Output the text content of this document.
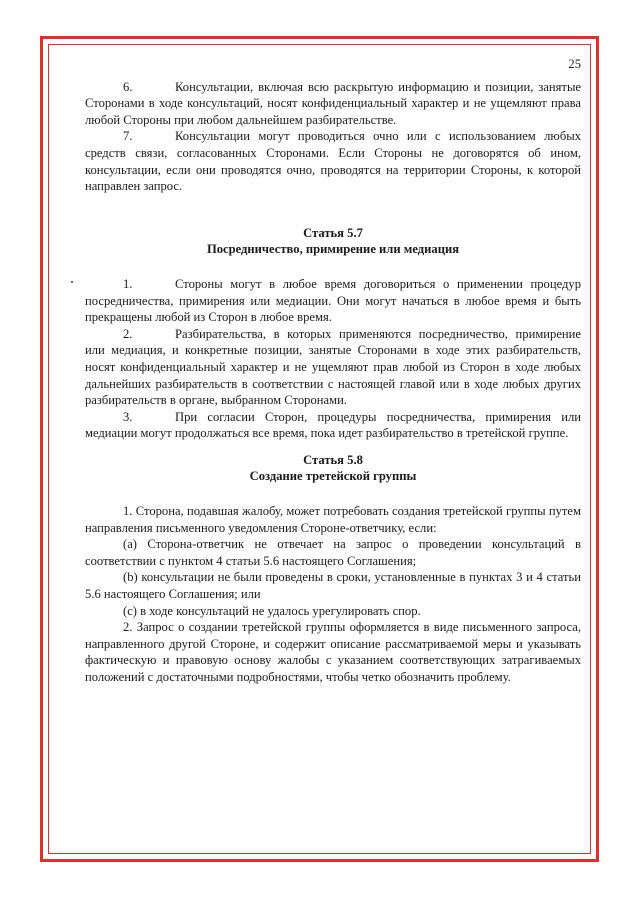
25

6.	Консультации, включая всю раскрытую информацию и позиции, занятые Сторонами в ходе консультаций, носят конфиденциальный характер и не ущемляют права любой Стороны при любом дальнейшем разбирательстве.

7.	Консультации могут проводиться очно или с использованием любых средств связи, согласованных Сторонами. Если Стороны не договорятся об ином, консультации, если они проводятся очно, проводятся на территории Стороны, к которой направлен запрос.

Статья 5.7

Посредничество, примирение или медиация

1.	Стороны могут в любое время договориться о применении процедур посредничества, примирения или медиации. Они могут начаться в любое время и быть прекращены любой из Сторон в любое время.

2.	Разбирательства, в которых применяются посредничество, примирение или медиация, и конкретные позиции, занятые Сторонами в ходе этих разбирательств, носят конфиденциальный характер и не ущемляют прав любой из Сторон в ходе любых дальнейших разбирательств в соответствии с настоящей главой или в ходе любых других разбирательств в органе, выбранном Сторонами.

3.	При согласии Сторон, процедуры посредничества, примирения или медиации могут продолжаться все время, пока идет разбирательство в третейской группе.

Статья 5.8

Создание третейской группы

1. Сторона, подавшая жалобу, может потребовать создания третейской группы путем направления письменного уведомления Стороне-ответчику, если:

(a) Сторона-ответчик не отвечает на запрос о проведении консультаций в соответствии с пунктом 4 статьи 5.6 настоящего Соглашения;

(b) консультации не были проведены в сроки, установленные в пунктах 3 и 4 статьи 5.6 настоящего Соглашения; или

(c) в ходе консультаций не удалось урегулировать спор.

2. Запрос о создании третейской группы оформляется в виде письменного запроса, направленного другой Стороне, и содержит описание рассматриваемой меры и указывать фактическую и правовую основу жалобы с указанием соответствующих затрагиваемых положений с достаточными подробностями, чтобы четко обозначить проблему.
